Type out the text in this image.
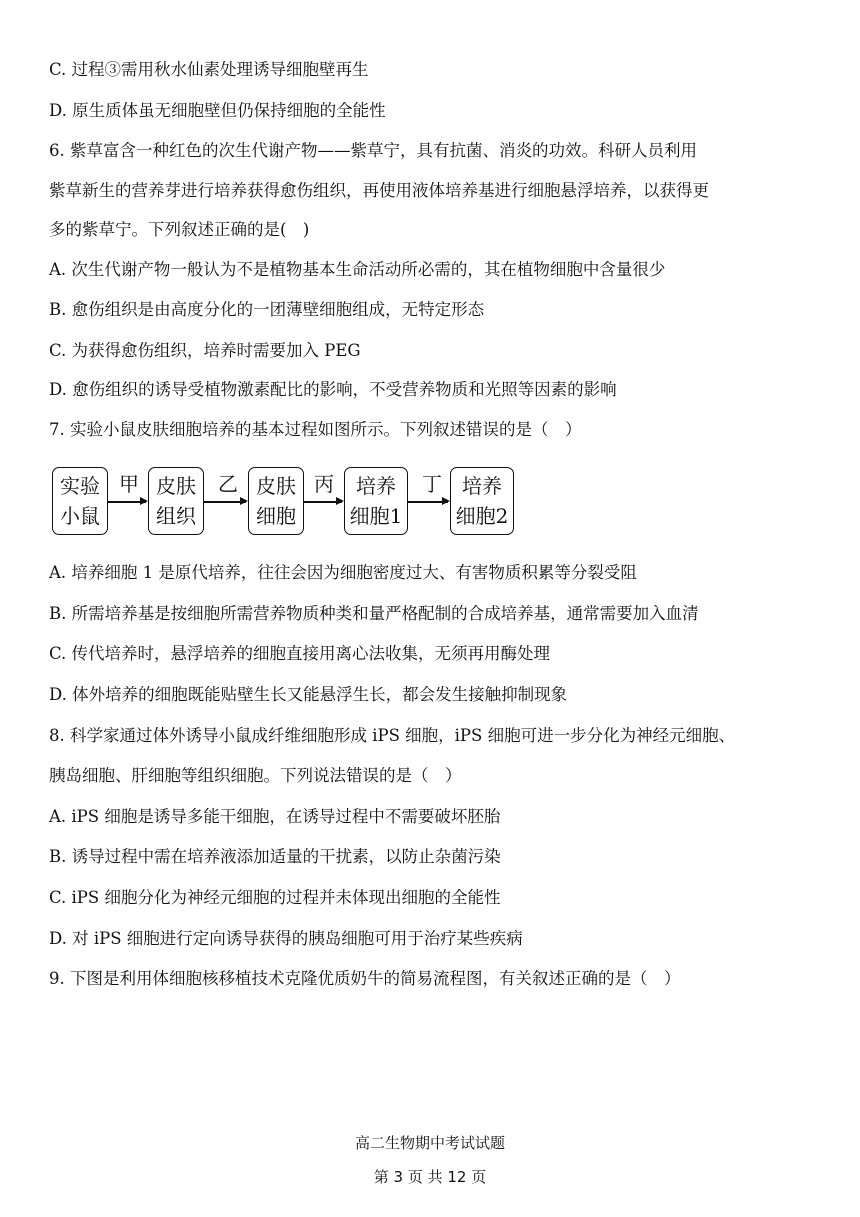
C. 过程③需用秋水仙素处理诱导细胞壁再生
D. 原生质体虽无细胞壁但仍保持细胞的全能性
6. 紫草富含一种红色的次生代谢产物——紫草宁，具有抗菌、消炎的功效。科研人员利用
紫草新生的营养芽进行培养获得愈伤组织，再使用液体培养基进行细胞悬浮培养，以获得更
多的紫草宁。下列叙述正确的是(　)
A. 次生代谢产物一般认为不是植物基本生命活动所必需的，其在植物细胞中含量很少
B. 愈伤组织是由高度分化的一团薄壁细胞组成，无特定形态
C. 为获得愈伤组织，培养时需要加入 PEG
D. 愈伤组织的诱导受植物激素配比的影响，不受营养物质和光照等因素的影响
7. 实验小鼠皮肤细胞培养的基本过程如图所示。下列叙述错误的是（　）
实验
小鼠
甲 皮肤
组织
乙 皮肤
细胞
丙	培养
细胞1
丁 培养
细胞2
A. 培养细胞 1 是原代培养，往往会因为细胞密度过大、有害物质积累等分裂受阻
B. 所需培养基是按细胞所需营养物质种类和量严格配制的合成培养基，通常需要加入血清
C. 传代培养时，悬浮培养的细胞直接用离心法收集，无须再用酶处理
D. 体外培养的细胞既能贴壁生长又能悬浮生长，都会发生接触抑制现象
8. 科学家通过体外诱导小鼠成纤维细胞形成 iPS 细胞，iPS 细胞可进一步分化为神经元细胞、
胰岛细胞、肝细胞等组织细胞。下列说法错误的是（　）
A. iPS 细胞是诱导多能干细胞，在诱导过程中不需要破坏胚胎
B. 诱导过程中需在培养液添加适量的干扰素，以防止杂菌污染
C. iPS 细胞分化为神经元细胞的过程并未体现出细胞的全能性
D. 对 iPS 细胞进行定向诱导获得的胰岛细胞可用于治疗某些疾病
9. 下图是利用体细胞核移植技术克隆优质奶牛的简易流程图，有关叙述正确的是（　）
高二生物期中考试试题
第 3 页 共 12 页
